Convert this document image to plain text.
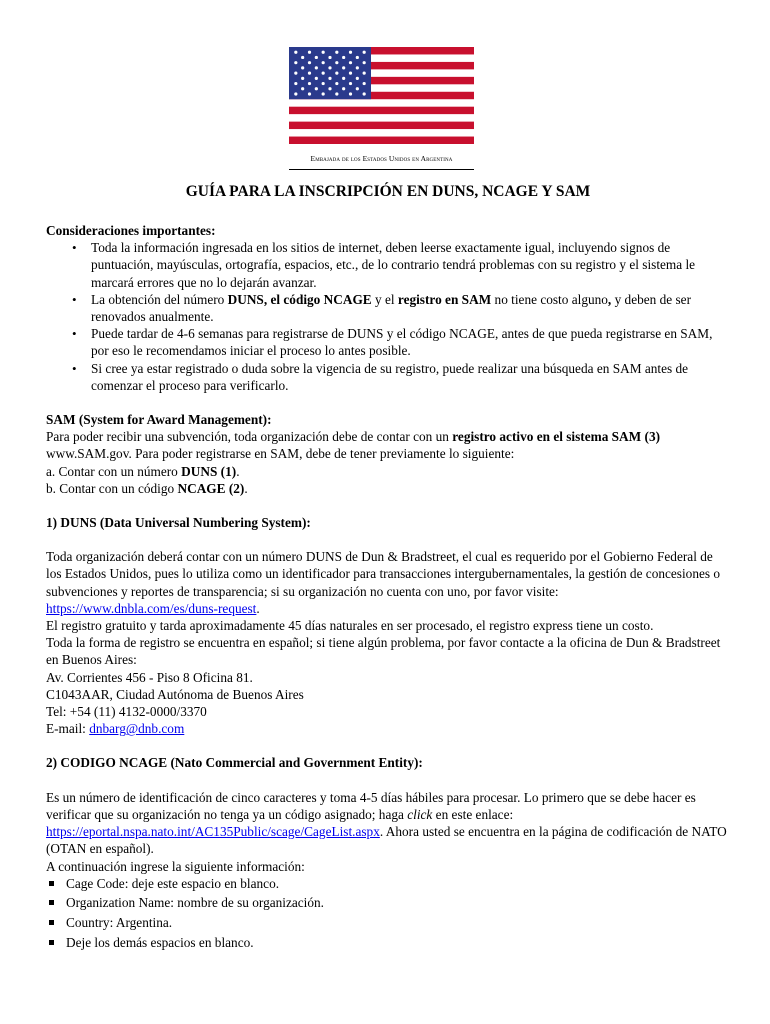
Embajada de los Estados Unidos en Argentina
GUÍA PARA LA INSCRIPCIÓN EN DUNS, NCAGE Y SAM

Consideraciones importantes:

• Toda la información ingresada en los sitios de internet, deben leerse exactamente igual, incluyendo signos de puntuación, mayúsculas, ortografía, espacios, etc., de lo contrario tendrá problemas con su registro y el sistema le marcará errores que no lo dejarán avanzar.
• La obtención del número DUNS, el código NCAGE y el registro en SAM no tiene costo alguno, y deben de ser renovados anualmente.
• Puede tardar de 4-6 semanas para registrarse de DUNS y el código NCAGE, antes de que pueda registrarse en SAM, por eso le recomendamos iniciar el proceso lo antes posible.
• Si cree ya estar registrado o duda sobre la vigencia de su registro, puede realizar una búsqueda en SAM antes de comenzar el proceso para verificarlo.

SAM (System for Award Management):

Para poder recibir una subvención, toda organización debe de contar con un registro activo en el sistema SAM (3) www.SAM.gov. Para poder registrarse en SAM, debe de tener previamente lo siguiente:

a. Contar con un número DUNS (1).

b. Contar con un código NCAGE (2).

1) DUNS (Data Universal Numbering System):

Toda organización deberá contar con un número DUNS de Dun & Bradstreet, el cual es requerido por el Gobierno Federal de los Estados Unidos, pues lo utiliza como un identificador para transacciones intergubernamentales, la gestión de concesiones o subvenciones y reportes de transparencia; si su organización no cuenta con uno, por favor visite: https://www.dnbla.com/es/duns-request.

El registro gratuito y tarda aproximadamente 45 días naturales en ser procesado, el registro express tiene un costo.

Toda la forma de registro se encuentra en español; si tiene algún problema, por favor contacte a la oficina de Dun & Bradstreet en Buenos Aires:

Av. Corrientes 456 - Piso 8 Oficina 81.

C1043AAR, Ciudad Autónoma de Buenos Aires

Tel: +54 (11) 4132-0000/3370

E-mail: dnbarg@dnb.com

2) CODIGO NCAGE (Nato Commercial and Government Entity):

Es un número de identificación de cinco caracteres y toma 4-5 días hábiles para procesar. Lo primero que se debe hacer es verificar que su organización no tenga ya un código asignado; haga click en este enlace: https://eportal.nspa.nato.int/AC135Public/scage/CageList.aspx. Ahora usted se encuentra en la página de codificación de NATO (OTAN en español).

A continuación ingrese la siguiente información:

Cage Code: deje este espacio en blanco.
Organization Name: nombre de su organización.
Country: Argentina.
Deje los demás espacios en blanco.
